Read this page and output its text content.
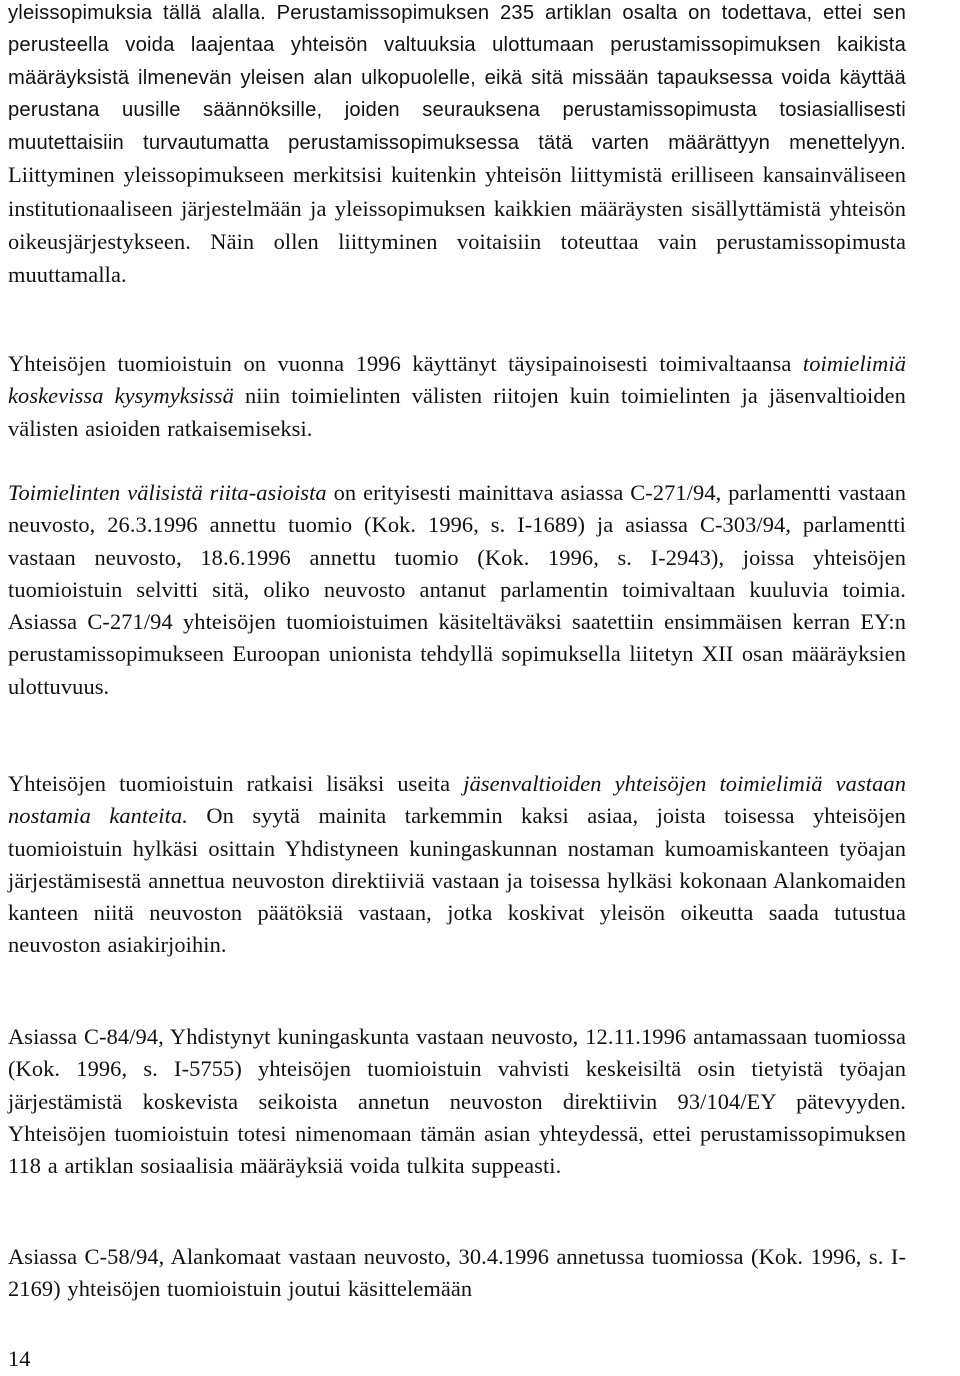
yleissopimuksia tällä alalla. Perustamissopimuksen 235 artiklan osalta on todettava, ettei sen perusteella voida laajentaa yhteisön valtuuksia ulottumaan perustamissopimuksen kaikista määräyksistä ilmenevän yleisen alan ulkopuolelle, eikä sitä missään tapauksessa voida käyttää perustana uusille säännöksille, joiden seurauksena perustamissopimusta tosiasiallisesti muutettaisiin turvautumatta perustamissopimuksessa tätä varten määrättyyn menettelyyn. Liittyminen yleissopimukseen merkitsisi kuitenkin yhteisön liittymistä erilliseen kansainväliseen institutionaaliseen järjestelmään ja yleissopimuksen kaikkien määräysten sisällyttämistä yhteisön oikeusjärjestykseen. Näin ollen liittyminen voitaisiin toteuttaa vain perustamissopimusta muuttamalla.

Yhteisöjen tuomioistuin on vuonna 1996 käyttänyt täysipainoisesti toimivaltaansa toimielimiä koskevissa kysymyksissä niin toimielinten välisten riitojen kuin toimielinten ja jäsenvaltioiden välisten asioiden ratkaisemiseksi.

Toimielinten välisistä riita-asioista on erityisesti mainittava asiassa C-271/94, parlamentti vastaan neuvosto, 26.3.1996 annettu tuomio (Kok. 1996, s. I-1689) ja asiassa C-303/94, parlamentti vastaan neuvosto, 18.6.1996 annettu tuomio (Kok. 1996, s. I-2943), joissa yhteisöjen tuomioistuin selvitti sitä, oliko neuvosto antanut parlamentin toimivaltaan kuuluvia toimia. Asiassa C-271/94 yhteisöjen tuomioistuimen käsiteltäväksi saatettiin ensimmäisen kerran EY:n perustamissopimukseen Euroopan unionista tehdyllä sopimuksella liitetyn XII osan määräyksien ulottuvuus.

Yhteisöjen tuomioistuin ratkaisi lisäksi useita jäsenvaltioiden yhteisöjen toimielimiä vastaan nostamia kanteita. On syytä mainita tarkemmin kaksi asiaa, joista toisessa yhteisöjen tuomioistuin hylkäsi osittain Yhdistyneen kuningaskunnan nostaman kumoamiskanteen työajan järjestämisestä annettua neuvoston direktiiviä vastaan ja toisessa hylkäsi kokonaan Alankomaiden kanteen niitä neuvoston päätöksiä vastaan, jotka koskivat yleisön oikeutta saada tutustua neuvoston asiakirjoihin.

Asiassa C-84/94, Yhdistynyt kuningaskunta vastaan neuvosto, 12.11.1996 antamassaan tuomiossa (Kok. 1996, s. I-5755) yhteisöjen tuomioistuin vahvisti keskeisiltä osin tietyistä työajan järjestämistä koskevista seikoista annetun neuvoston direktiivin 93/104/EY pätevyyden. Yhteisöjen tuomioistuin totesi nimenomaan tämän asian yhteydessä, ettei perustamissopimuksen 118 a artiklan sosiaalisia määräyksiä voida tulkita suppeasti.

Asiassa C-58/94, Alankomaat vastaan neuvosto, 30.4.1996 annetussa tuomiossa (Kok. 1996, s. I-2169) yhteisöjen tuomioistuin joutui käsittelemään

14
